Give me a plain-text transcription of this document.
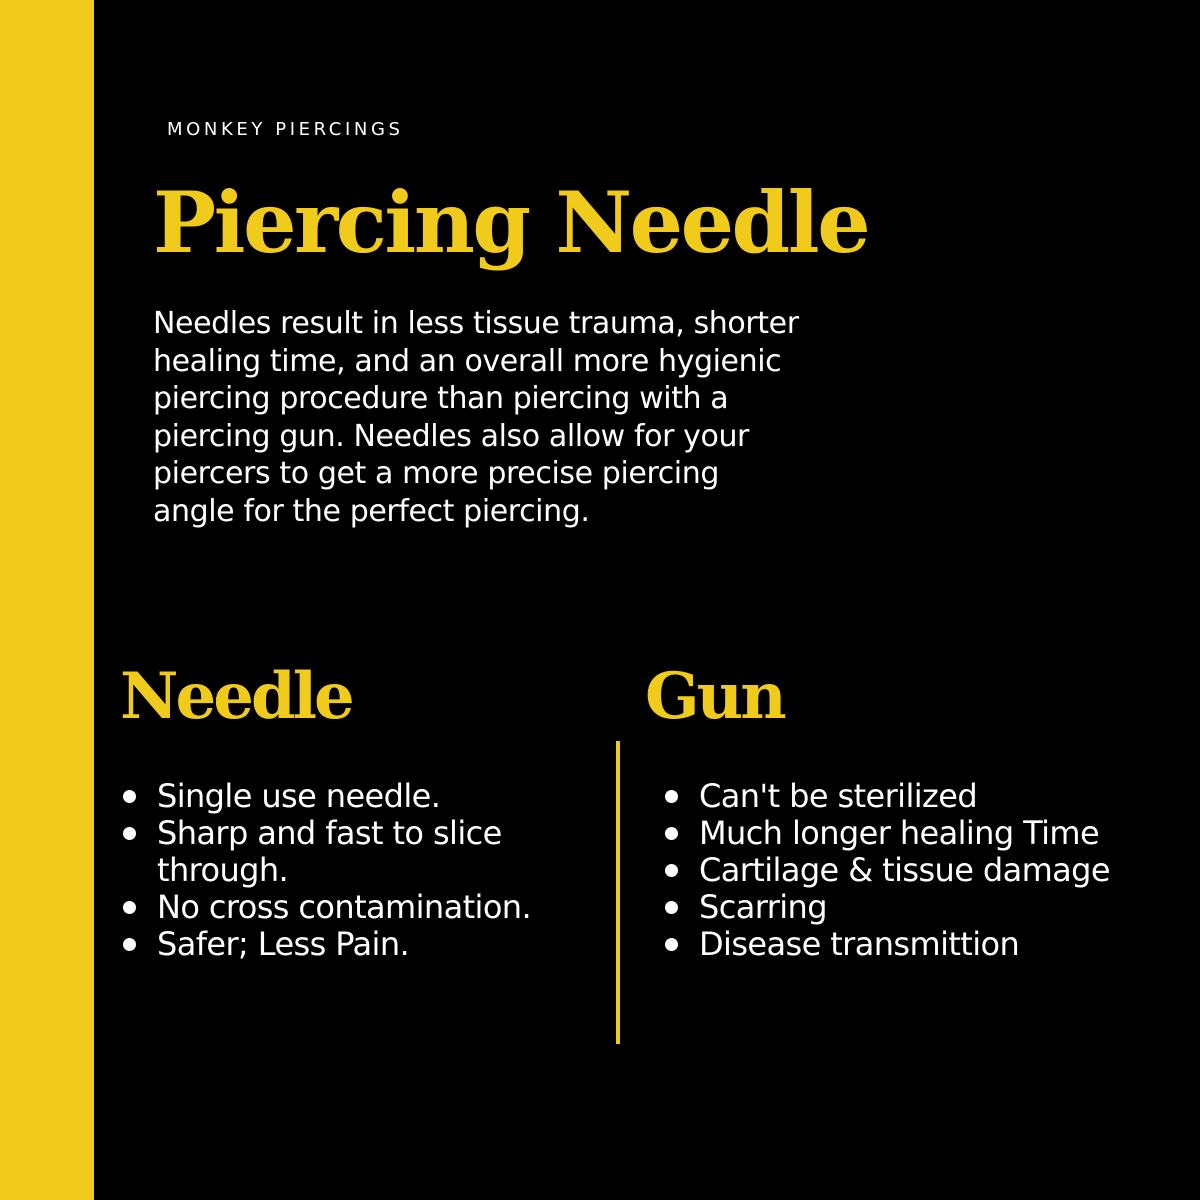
MONKEY PIERCINGS
Piercing Needle
Needles result in less tissue trauma, shorter
healing time, and an overall more hygienic
piercing procedure than piercing with a
piercing gun. Needles also allow for your
piercers to get a more precise piercing
angle for the perfect piercing.
Needle	Gun
Single use needle.
Sharp and fast to slice
through.
No cross contamination.
Safer; Less Pain.
Can't be sterilized
Much longer healing Time
Cartilage & tissue damage
Scarring
Disease transmittion
